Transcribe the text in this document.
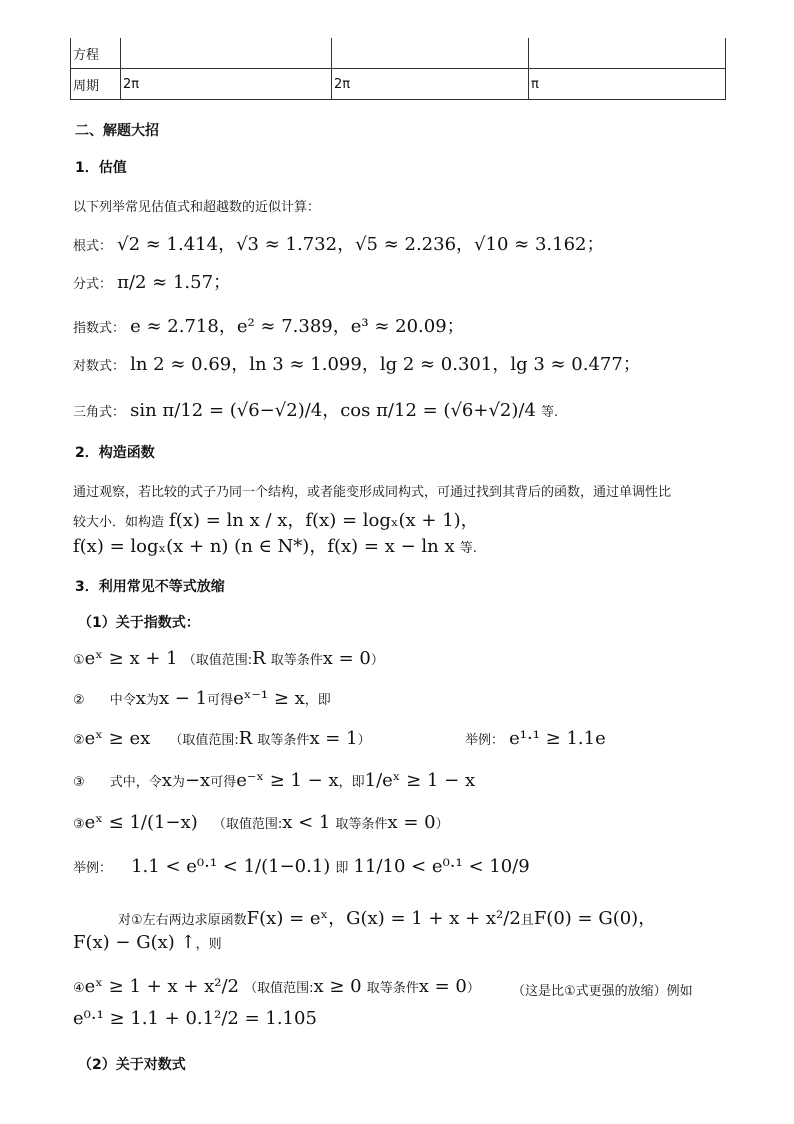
方程			
周期	2π	2π	π
二、解题大招
1．估值
以下列举常见估值式和超越数的近似计算：
根式： √2 ≈ 1.414，√3 ≈ 1.732，√5 ≈ 2.236，√10 ≈ 3.162；
分式： π/2 ≈ 1.57；
指数式： e ≈ 2.718，e² ≈ 7.389，e³ ≈ 20.09；
对数式： ln 2 ≈ 0.69，ln 3 ≈ 1.099，lg 2 ≈ 0.301，lg 3 ≈ 0.477；
三角式： sin π/12 = (√6−√2)/4，cos π/12 = (√6+√2)/4 等.
2．构造函数
通过观察，若比较的式子乃同一个结构，或者能变形成同构式，可通过找到其背后的函数，通过单调性比
较大小．如构造 f(x) = ln x / x，f(x) = logₓ(x + 1)，
f(x) = logₓ(x + n) (n ∈ N*)，f(x) = x − ln x 等.
3．利用常见不等式放缩
（1）关于指数式：
①eˣ ≥ x + 1 （取值范围:R 取等条件x = 0）
② 中令x为x − 1可得eˣ⁻¹ ≥ x，即
②eˣ ≥ ex （取值范围:R 取等条件x = 1）	举例： e¹·¹ ≥ 1.1e
③ 式中，令x为−x可得e⁻ˣ ≥ 1 − x，即1/eˣ ≥ 1 − x
③eˣ ≤ 1/(1−x) （取值范围:x < 1 取等条件x = 0）
举例： 1.1 < e⁰·¹ < 1/(1−0.1) 即 11/10 < e⁰·¹ < 10/9
对①左右两边求原函数F(x) = eˣ，G(x) = 1 + x + x²/2且F(0) = G(0)，
F(x) − G(x) ↑，则
④eˣ ≥ 1 + x + x²/2 （取值范围:x ≥ 0 取等条件x = 0） （这是比①式更强的放缩）例如
e⁰·¹ ≥ 1.1 + 0.1²/2 = 1.105
（2）关于对数式
